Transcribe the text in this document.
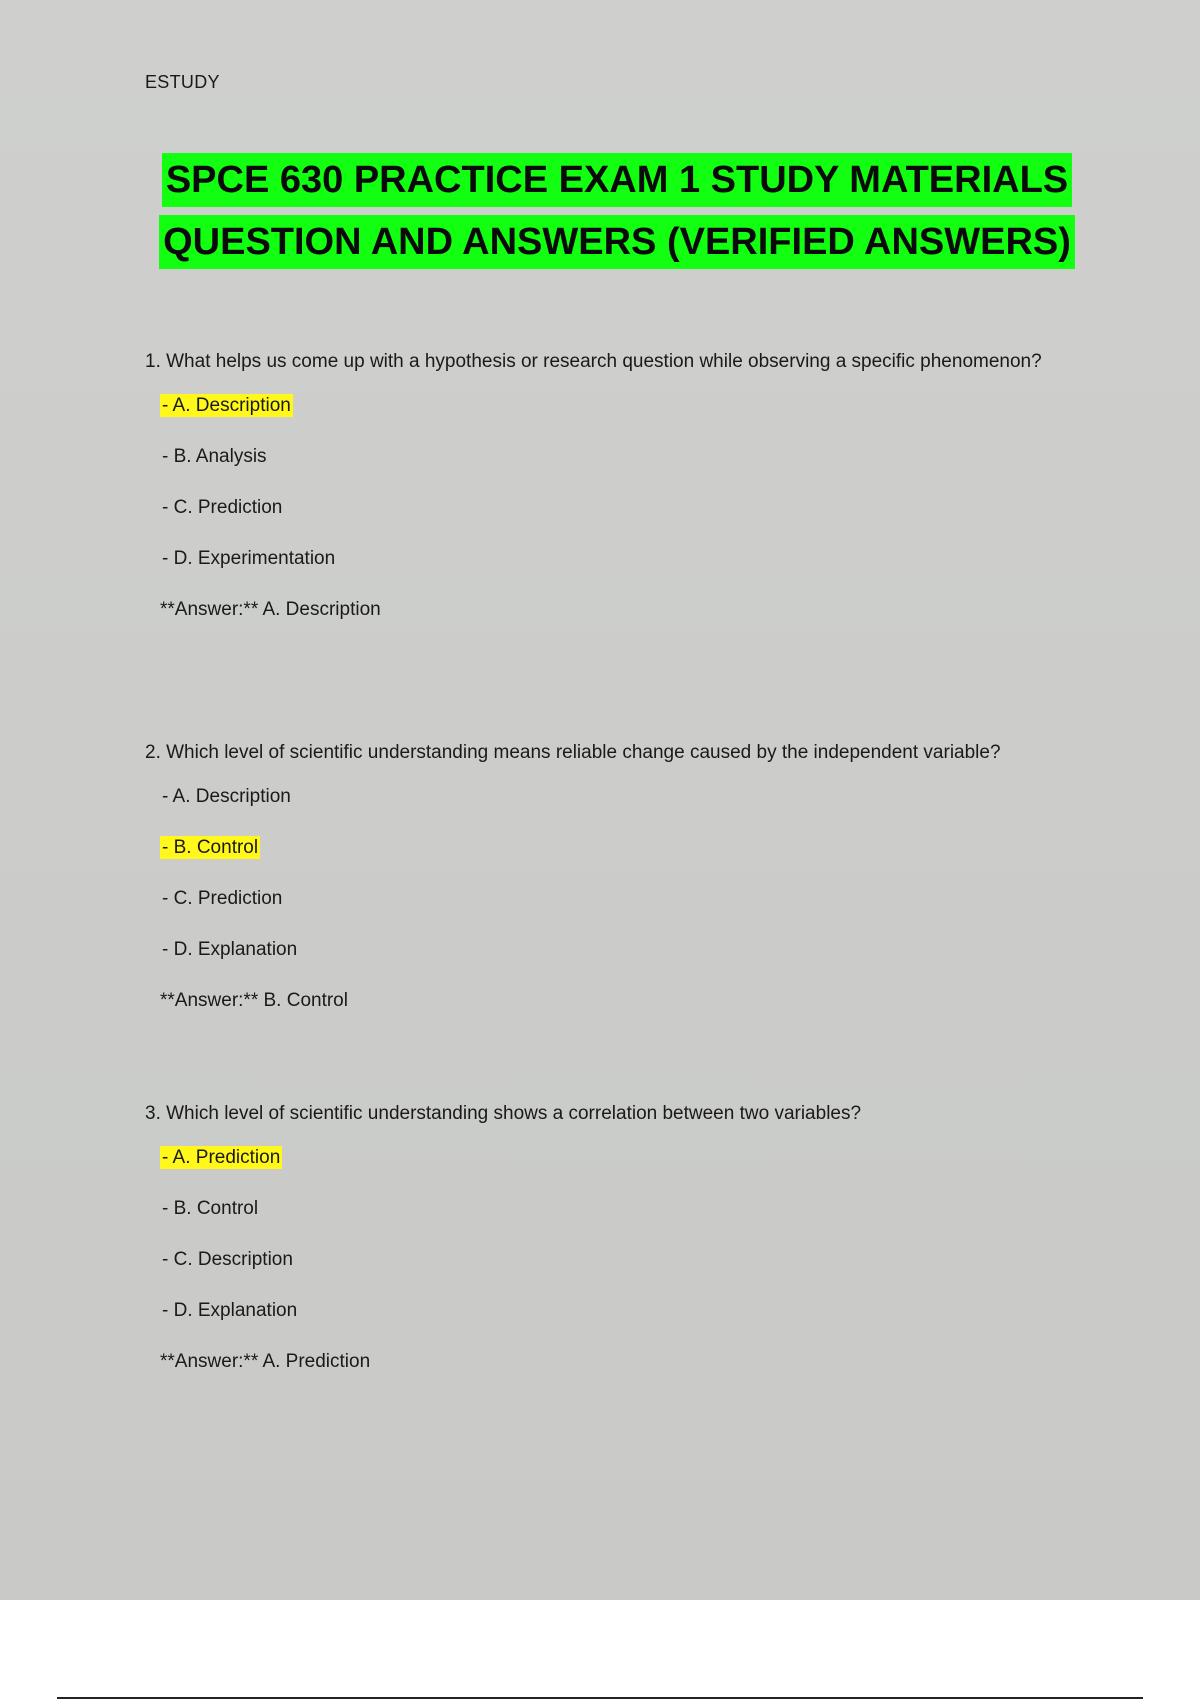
ESTUDY
SPCE 630 PRACTICE EXAM 1 STUDY MATERIALS
QUESTION AND ANSWERS (VERIFIED ANSWERS)

1. What helps us come up with a hypothesis or research question while observing a specific phenomenon?

- A. Description
- B. Analysis
- C. Prediction
- D. Experimentation
**Answer:** A. Description

2. Which level of scientific understanding means reliable change caused by the independent variable?

- A. Description
- B. Control
- C. Prediction
- D. Explanation
**Answer:** B. Control

3. Which level of scientific understanding shows a correlation between two variables?

- A. Prediction
- B. Control
- C. Description
- D. Explanation
**Answer:** A. Prediction
